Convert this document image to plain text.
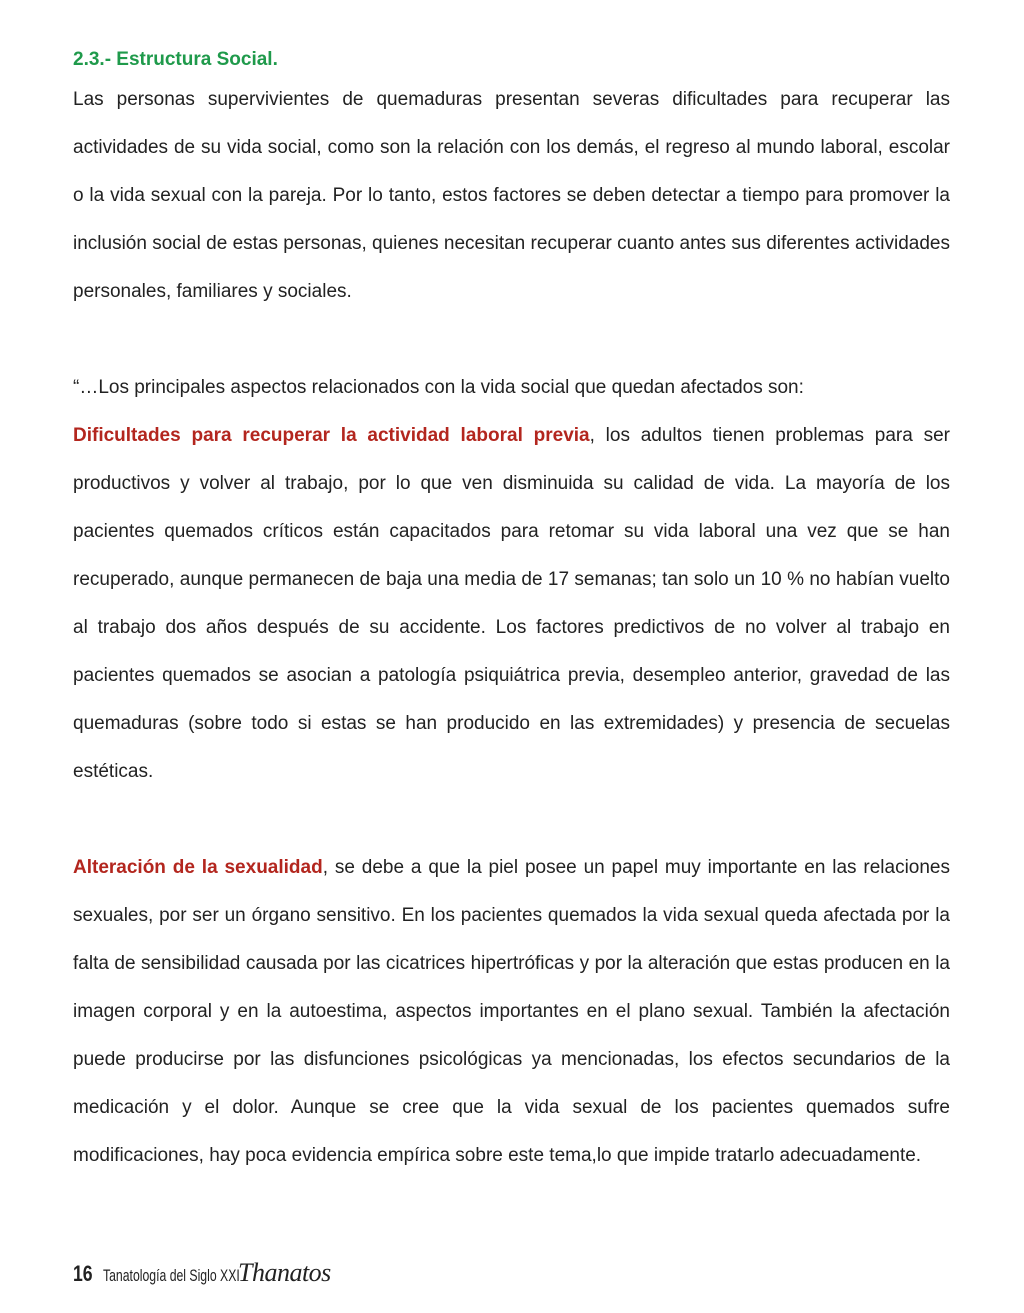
2.3.- Estructura Social.

Las personas supervivientes de quemaduras presentan severas dificultades para recuperar las actividades de su vida social, como son la relación con los demás, el regreso al mundo laboral, escolar o la vida sexual con la pareja. Por lo tanto, estos factores se deben detectar a tiempo para promover la inclusión social de estas personas, quienes necesitan recuperar cuanto antes sus diferentes actividades personales, familiares y sociales.

“…Los principales aspectos relacionados con la vida social que quedan afectados son:

Dificultades para recuperar la actividad laboral previa, los adultos tienen problemas para ser productivos y volver al trabajo, por lo que ven disminuida su calidad de vida. La mayoría de los pacientes quemados críticos están capacitados para retomar su vida laboral una vez que se han recuperado, aunque permanecen de baja una media de 17 semanas; tan solo un 10 % no habían vuelto al trabajo dos años después de su accidente. Los factores predictivos de no volver al trabajo en pacientes quemados se asocian a patología psiquiátrica previa, desempleo anterior, gravedad de las quemaduras (sobre todo si estas se han producido en las extremidades) y presencia de secuelas estéticas.

Alteración de la sexualidad, se debe a que la piel posee un papel muy importante en las relaciones sexuales, por ser un órgano sensitivo. En los pacientes quemados la vida sexual queda afectada por la falta de sensibilidad causada por las cicatrices hipertróficas y por la alteración que estas producen en la imagen corporal y en la autoestima, aspectos importantes en el plano sexual. También la afectación puede producirse por las disfunciones psicológicas ya mencionadas, los efectos secundarios de la medicación y el dolor. Aunque se cree que la vida sexual de los pacientes quemados sufre modificaciones, hay poca evidencia empírica sobre este tema,lo que impide tratarlo adecuadamente.

16 Tanatología del Siglo XXI
Thanatos
